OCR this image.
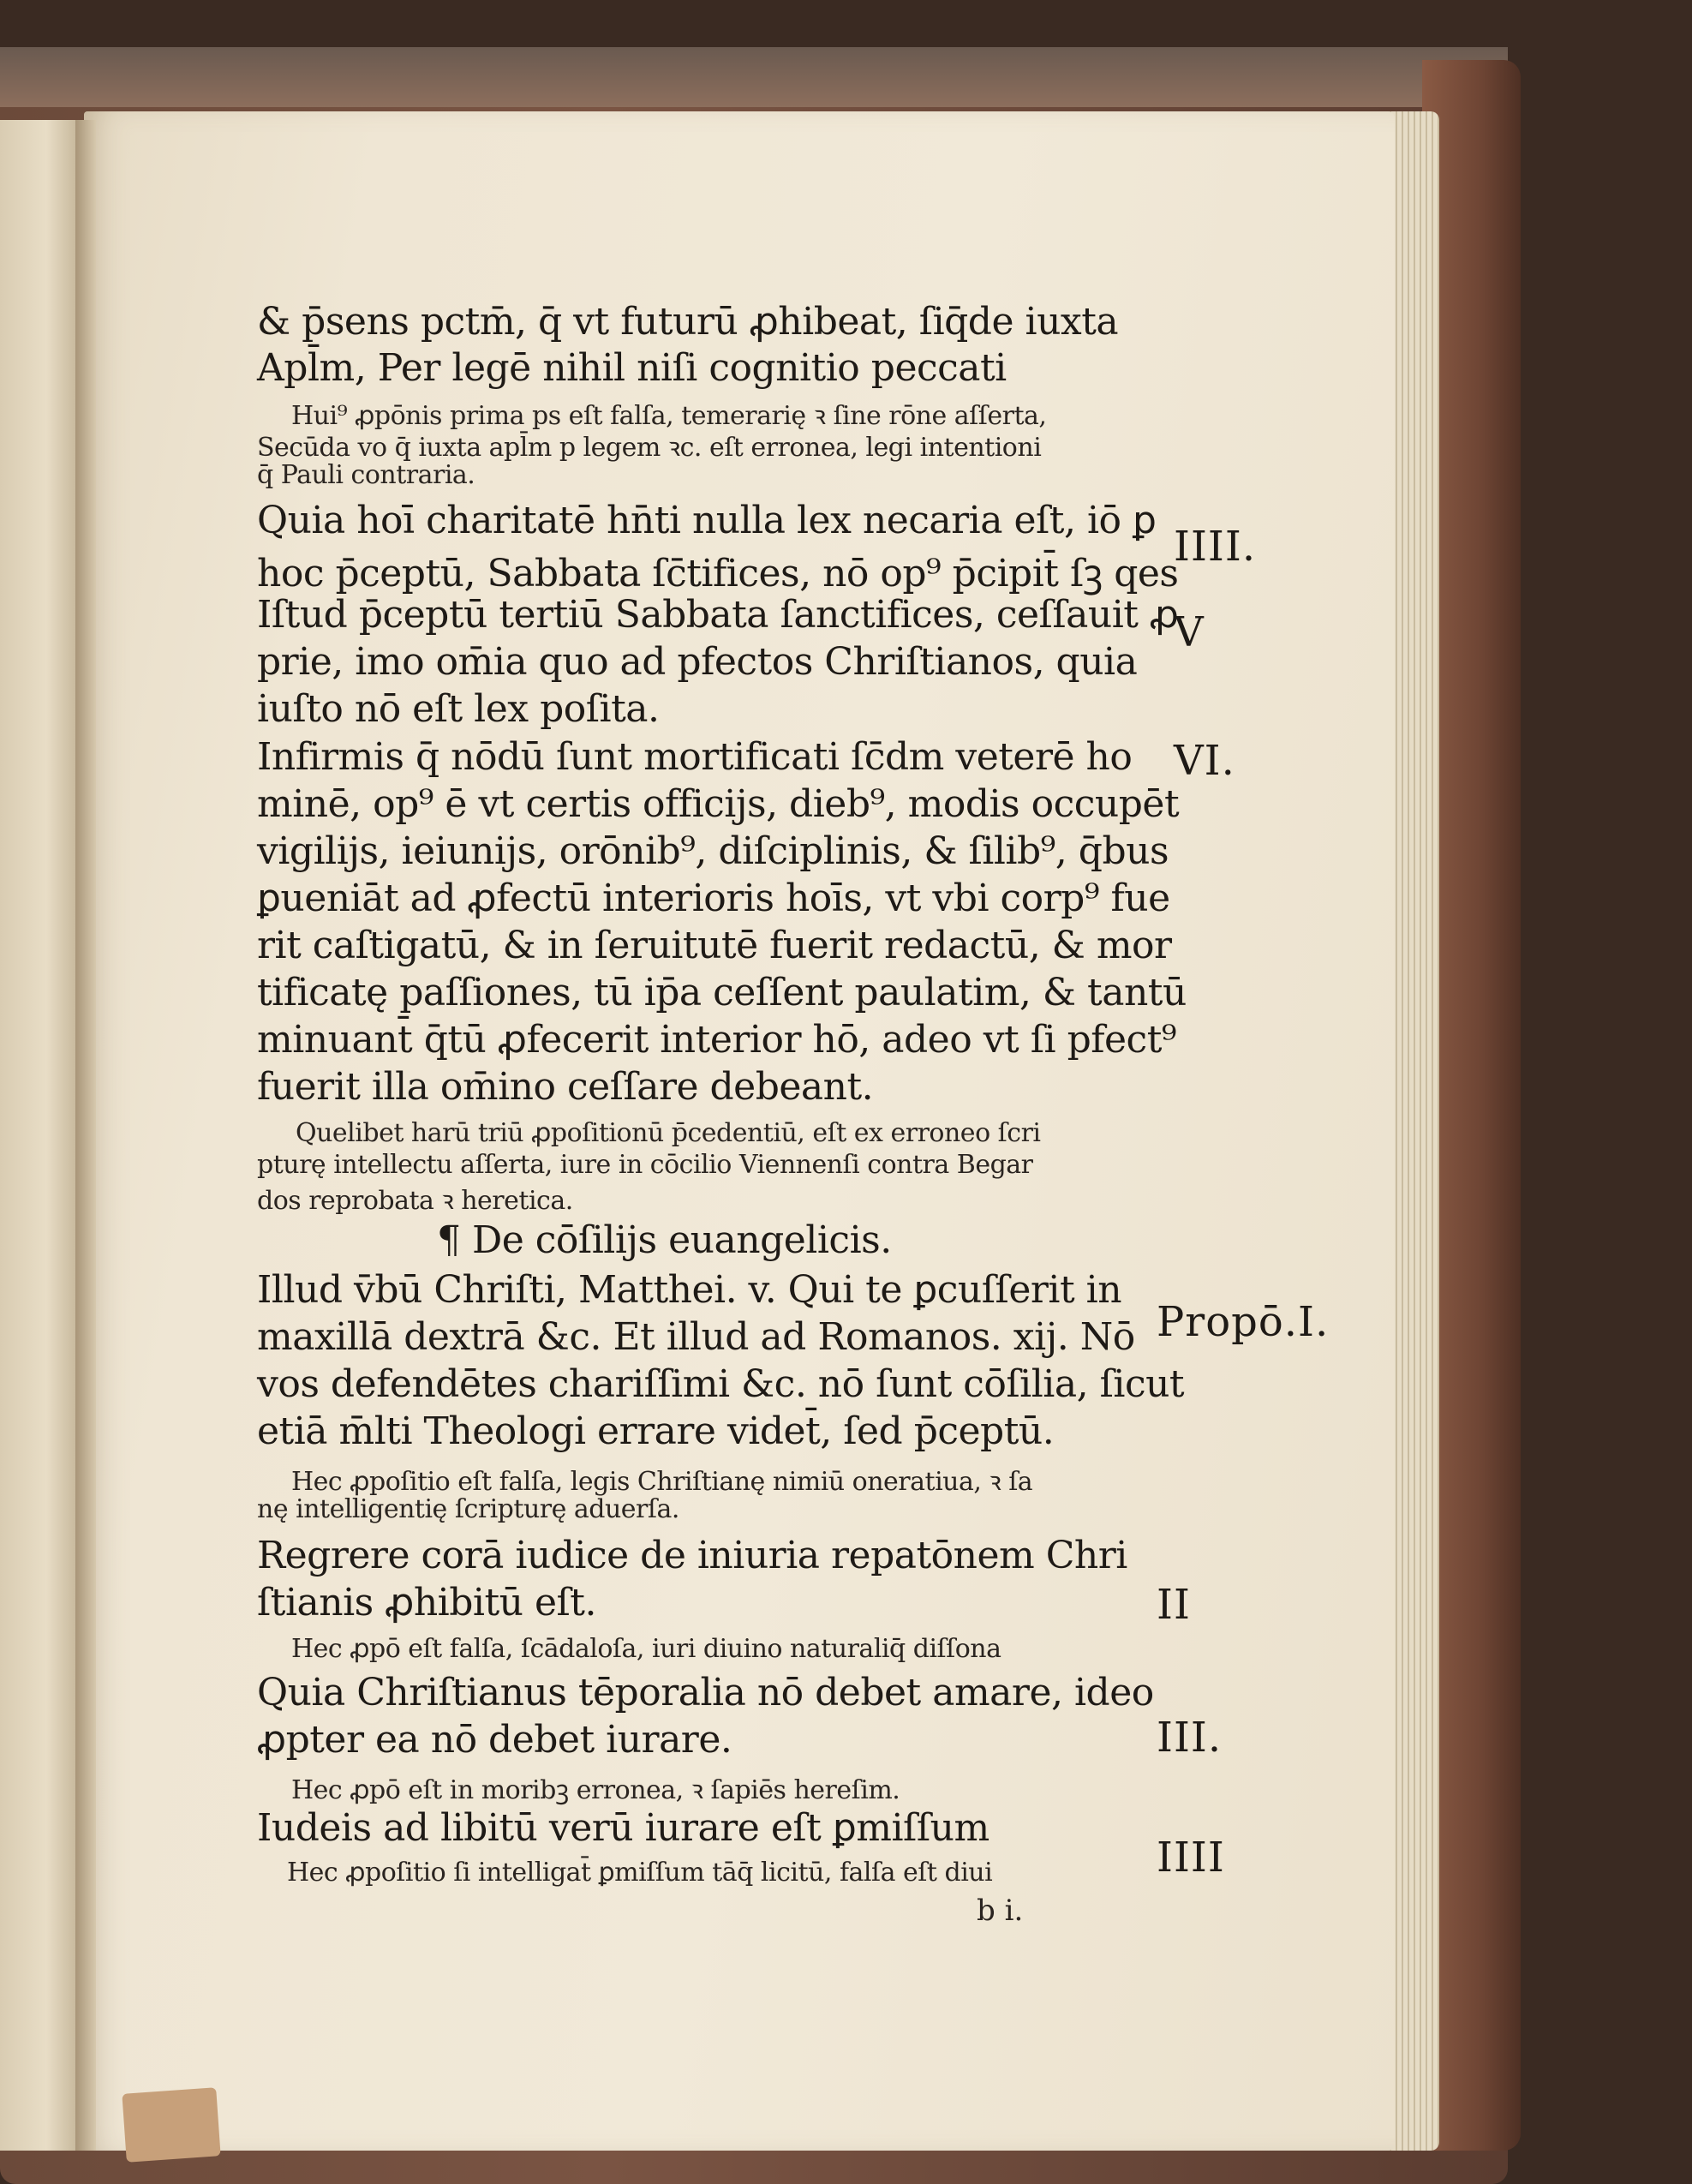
& p̄sens pctm̄, q̄ vt futurū ꝓhibeat, ſiq̄de iuxta
Apl̄m, Per legē nihil niſi cognitio peccati
Hui⁹ ꝓpōnis prima ps eſt falſa, temerarię ꝛ ſine rōne aſſerta,
Secūda vo q̄ iuxta apl̄m p legem ꝛc. eſt erronea, legi intentioni
q̄ Pauli contraria.
Quia hoī charitatē hn̄ti nulla lex necaria eſt, iō ꝑ
hoc p̄ceptū, Sabbata ſc̄tifices, nō op⁹ p̄cipit̄ ſꝫ qes
Iſtud p̄ceptū tertiū Sabbata ſanctifices, ceſſauit ꝓ
prie, imo om̄ia quo ad pfectos Chriſtianos, quia
iuſto nō eſt lex poſita.
Infirmis q̄ nōdū ſunt mortificati ſc̄dm veterē ho
minē, op⁹ ē vt certis officijs, dieb⁹, modis occupēt
vigilijs, ieiunijs, orōnib⁹, diſciplinis, & ſilib⁹, q̄bus
ꝑueniāt ad ꝓfectū interioris hoīs, vt vbi corp⁹ fue
rit caſtigatū, & in ſeruitutē fuerit redactū, & mor
tificatę paſſiones, tū ip̄a ceſſent paulatim, & tantū
minuant̄ q̄tū ꝓfecerit interior hō, adeo vt ſi pfect⁹
fuerit illa om̄ino ceſſare debeant.
Quelibet harū triū ꝓpoſitionū p̄cedentiū, eſt ex erroneo ſcri
pturę intellectu aſſerta, iure in cōcilio Viennenſi contra Begar
dos reprobata ꝛ heretica.
¶ De cōſilijs euangelicis.
Illud v̄bū Chriſti, Matthei. v. Qui te ꝑcuſſerit in
maxillā dextrā &c. Et illud ad Romanos. xij. Nō
vos defendētes chariſſimi &c. nō ſunt cōſilia, ſicut
etiā m̄lti Theologi errare videt̄, ſed p̄ceptū.
Hec ꝓpoſitio eſt falſa, legis Chriſtianę nimiū oneratiua, ꝛ ſa
nę intelligentię ſcripturę aduerſa.
Regrere corā iudice de iniuria repatōnem Chri
ſtianis ꝓhibitū eſt.
Hec ꝓpō eſt falſa, ſcādaloſa, iuri diuino naturaliq̄ diſſona
Quia Chriſtianus tēporalia nō debet amare, ideo
ꝓpter ea nō debet iurare.
Hec ꝓpō eſt in moribꝫ erronea, ꝛ ſapiēs hereſim.
Iudeis ad libitū verū iurare eſt ꝑmiſſum
Hec ꝓpoſitio ſi intelligat̄ ꝑmiſſum tāq̄ licitū, falſa eſt diui
IIII.
V
VI.
Propō.I.
II
III.
IIII
b i.
